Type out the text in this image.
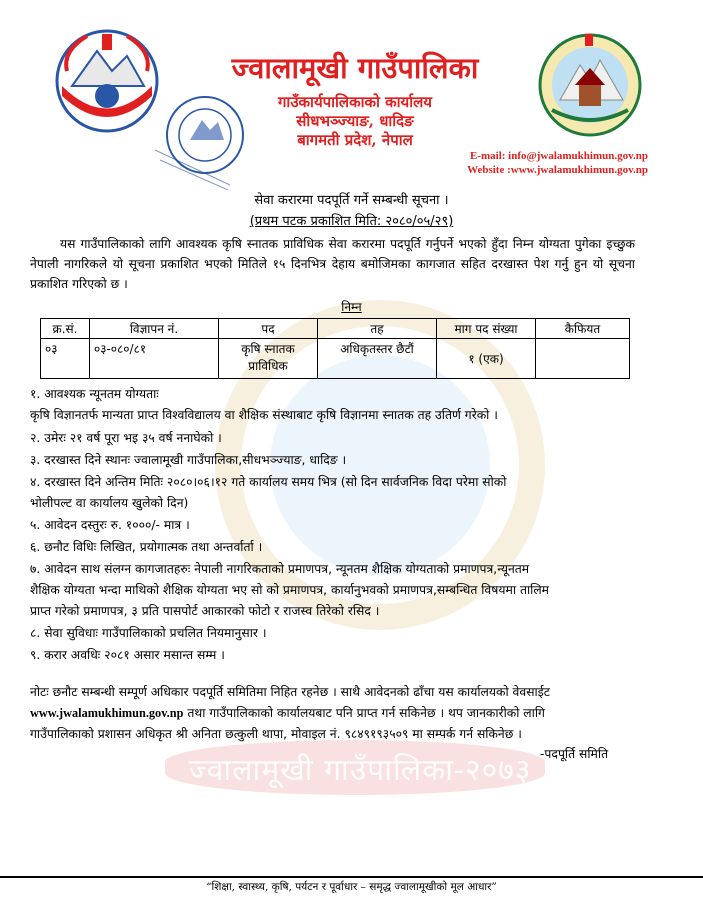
ज्वालामूखी गाउँपालिका-२०७३
ज्वालामूखी गाउँपालिका
गाउँकार्यपालिकाको कार्यालय
सीधभञ्ज्याङ, धादिङ
बागमती प्रदेश, नेपाल
E-mail: info@jwalamukhimun.gov.np
Website :www.jwalamukhimun.gov.np
सेवा करारमा पदपूर्ति गर्ने सम्बन्धी सूचना ।
(प्रथम पटक प्रकाशित मिति: २०८०/०५/२९)
यस गाउँपालिकाको लागि आवश्यक कृषि स्नातक प्राविधिक सेवा करारमा पदपूर्ति गर्नुपर्ने भएको हुँदा निम्न योग्यता पुगेका इच्छुक नेपाली नागरिकले यो सूचना प्रकाशित भएको मितिले १५ दिनभित्र देहाय बमोजिमका कागजात सहित दरखास्त पेश गर्नु हुन यो सूचना प्रकाशित गरिएको छ ।
निम्न
क्र.सं.	विज्ञापन नं.	पद	तह	माग पद संख्या	कैफियत
०३	०३-०८०/८१	कृषि स्नातक प्राविधिक	अधिकृतस्तर छैटौं	१ (एक)	
१. आवश्यक न्यूनतम योग्यताः
कृषि विज्ञानतर्फ मान्यता प्राप्त विश्वविद्यालय वा शैक्षिक संस्थाबाट कृषि विज्ञानमा स्नातक तह उतिर्ण गरेको ।
२. उमेरः २१ वर्ष पूरा भइ ३५ वर्ष ननाघेको ।
३. दरखास्त दिने स्थानः ज्वालामूखी गाउँपालिका,सीधभञ्ज्याङ, धादिङ ।
४. दरखास्त दिने अन्तिम मितिः २०८०।०६।१२ गते कार्यालय समय भित्र (सो दिन सार्वजनिक विदा परेमा सोको
भोलीपल्ट वा कार्यालय खुलेको दिन)
५. आवेदन दस्तुरः रु. १०००/- मात्र ।
६. छनौट विधिः लिखित, प्रयोगात्मक तथा अन्तर्वार्ता ।
७. आवेदन साथ संलग्न कागजातहरुः नेपाली नागरिकताको प्रमाणपत्र, न्यूनतम शैक्षिक योग्यताको प्रमाणपत्र,न्यूनतम
शैक्षिक योग्यता भन्दा माथिको शैक्षिक योग्यता भए सो को प्रमाणपत्र, कार्यानुभवको प्रमाणपत्र,सम्बन्धित विषयमा तालिम
प्राप्त गरेको प्रमाणपत्र, ३ प्रति पासपोर्ट आकारको फोटो र राजस्व तिरेको रसिद ।
८. सेवा सुविधाः गाउँपालिकाको प्रचलित नियमानुसार ।
९. करार अवधिः २०८१ असार मसान्त सम्म ।
नोटः छनौट सम्बन्धी सम्पूर्ण अधिकार पदपूर्ति समितिमा निहित रहनेछ । साथै आवेदनको ढाँचा यस कार्यालयको वेवसाईट
www.jwalamukhimun.gov.np तथा गाउँपालिकाको कार्यालयबाट पनि प्राप्त गर्न सकिनेछ । थप जानकारीको लागि
गाउँपालिकाको प्रशासन अधिकृत श्री अनिता छत्कुली थापा, मोवाइल नं. ९८४९१९३५०९ मा सम्पर्क गर्न सकिनेछ ।
-पदपूर्ति समिति
“शिक्षा, स्वास्थ्य, कृषि, पर्यटन र पूर्वाधार – समृद्ध ज्वालामूखीको मूल आधार”
